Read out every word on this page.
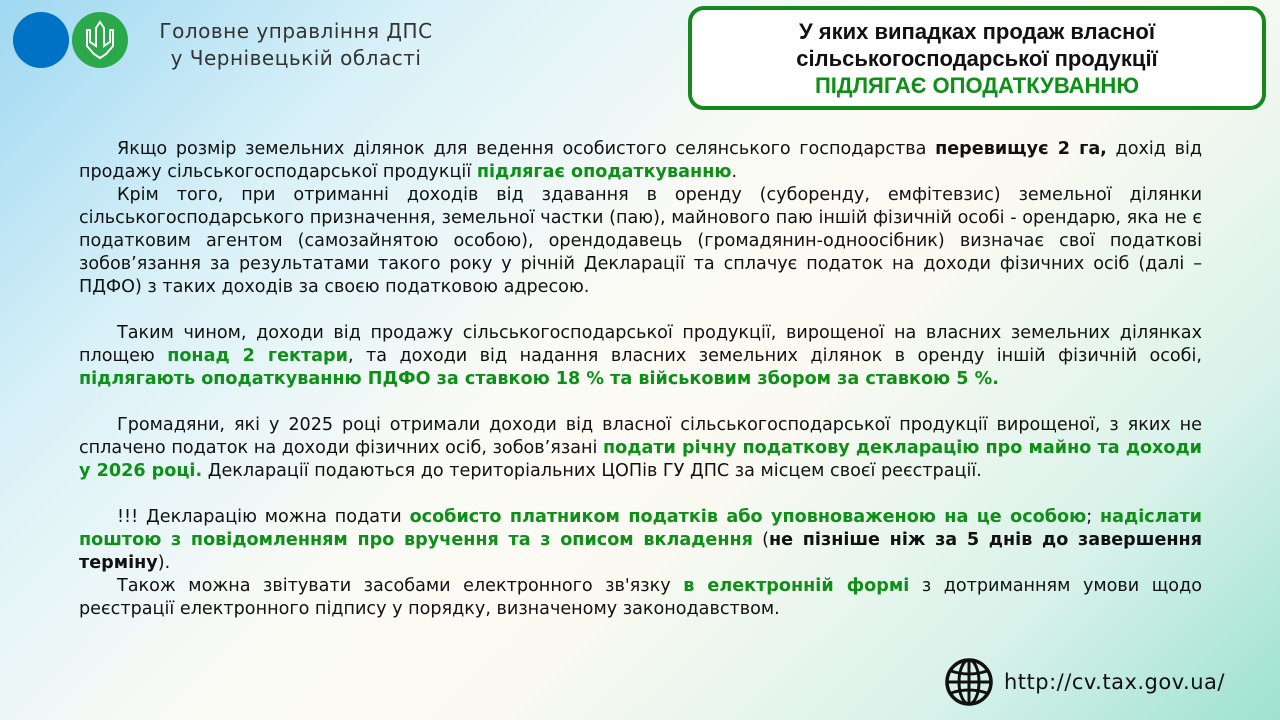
Головне управління ДПС
у Чернівецькій області
У яких випадках продаж власної
сільськогосподарської продукції
ПІДЛЯГАЄ ОПОДАТКУВАННЮ

Якщо розмір земельних ділянок для ведення особистого селянського господарства перевищує 2 га, дохід від продажу сільськогосподарської продукції підлягає оподаткуванню.

Крім того, при отриманні доходів від здавання в оренду (суборенду, емфітевзис) земельної ділянки сільськогосподарського призначення, земельної частки (паю), майнового паю іншій фізичній особі - орендарю, яка не є податковим агентом (самозайнятою особою), орендодавець (громадянин-одноосібник) визначає свої податкові зобов’язання за результатами такого року у річній Декларації та сплачує податок на доходи фізичних осіб (далі – ПДФО) з таких доходів за своєю податковою адресою.

Таким чином, доходи від продажу сільськогосподарської продукції, вирощеної на власних земельних ділянках площею понад 2 гектари, та доходи від надання власних земельних ділянок в оренду іншій фізичній особі, підлягають оподаткуванню ПДФО за ставкою 18 % та військовим збором за ставкою 5 %.

Громадяни, які у 2025 році отримали доходи від власної сільськогосподарської продукції вирощеної, з яких не сплачено податок на доходи фізичних осіб, зобов’язані подати річну податкову декларацію про майно та доходи у 2026 році. Декларації подаються до територіальних ЦОПів ГУ ДПС за місцем своєї реєстрації.

!!! Декларацію можна подати особисто платником податків або уповноваженою на це особою; надіслати поштою з повідомленням про вручення та з описом вкладення (не пізніше ніж за 5 днів до завершення терміну).

Також можна звітувати засобами електронного зв'язку в електронній формі з дотриманням умови щодо реєстрації електронного підпису у порядку, визначеному законодавством.

http://cv.tax.gov.ua/
